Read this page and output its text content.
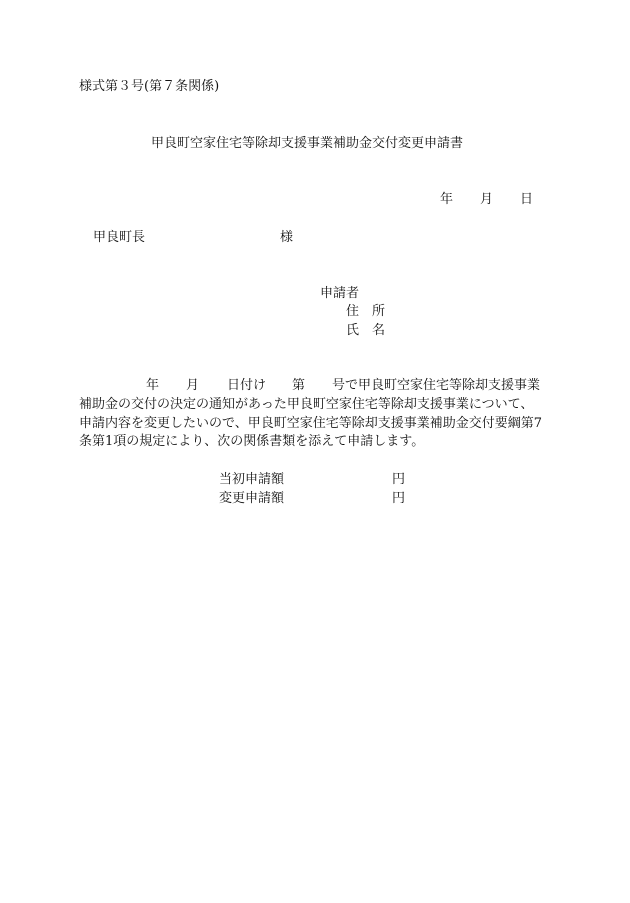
様式第３号(第７条関係)
甲良町空家住宅等除却支援事業補助金交付変更申請書
年 月 日
甲良町長	様
申請者
住　所
氏　名
年 月 日付け 第 号で甲良町空家住宅等除却支援事業
補助金の交付の決定の通知があった甲良町空家住宅等除却支援事業について、
申請内容を変更したいので、甲良町空家住宅等除却支援事業補助金交付要綱第7
条第1項の規定により、次の関係書類を添えて申請します。
当初申請額	円
変更申請額	円
